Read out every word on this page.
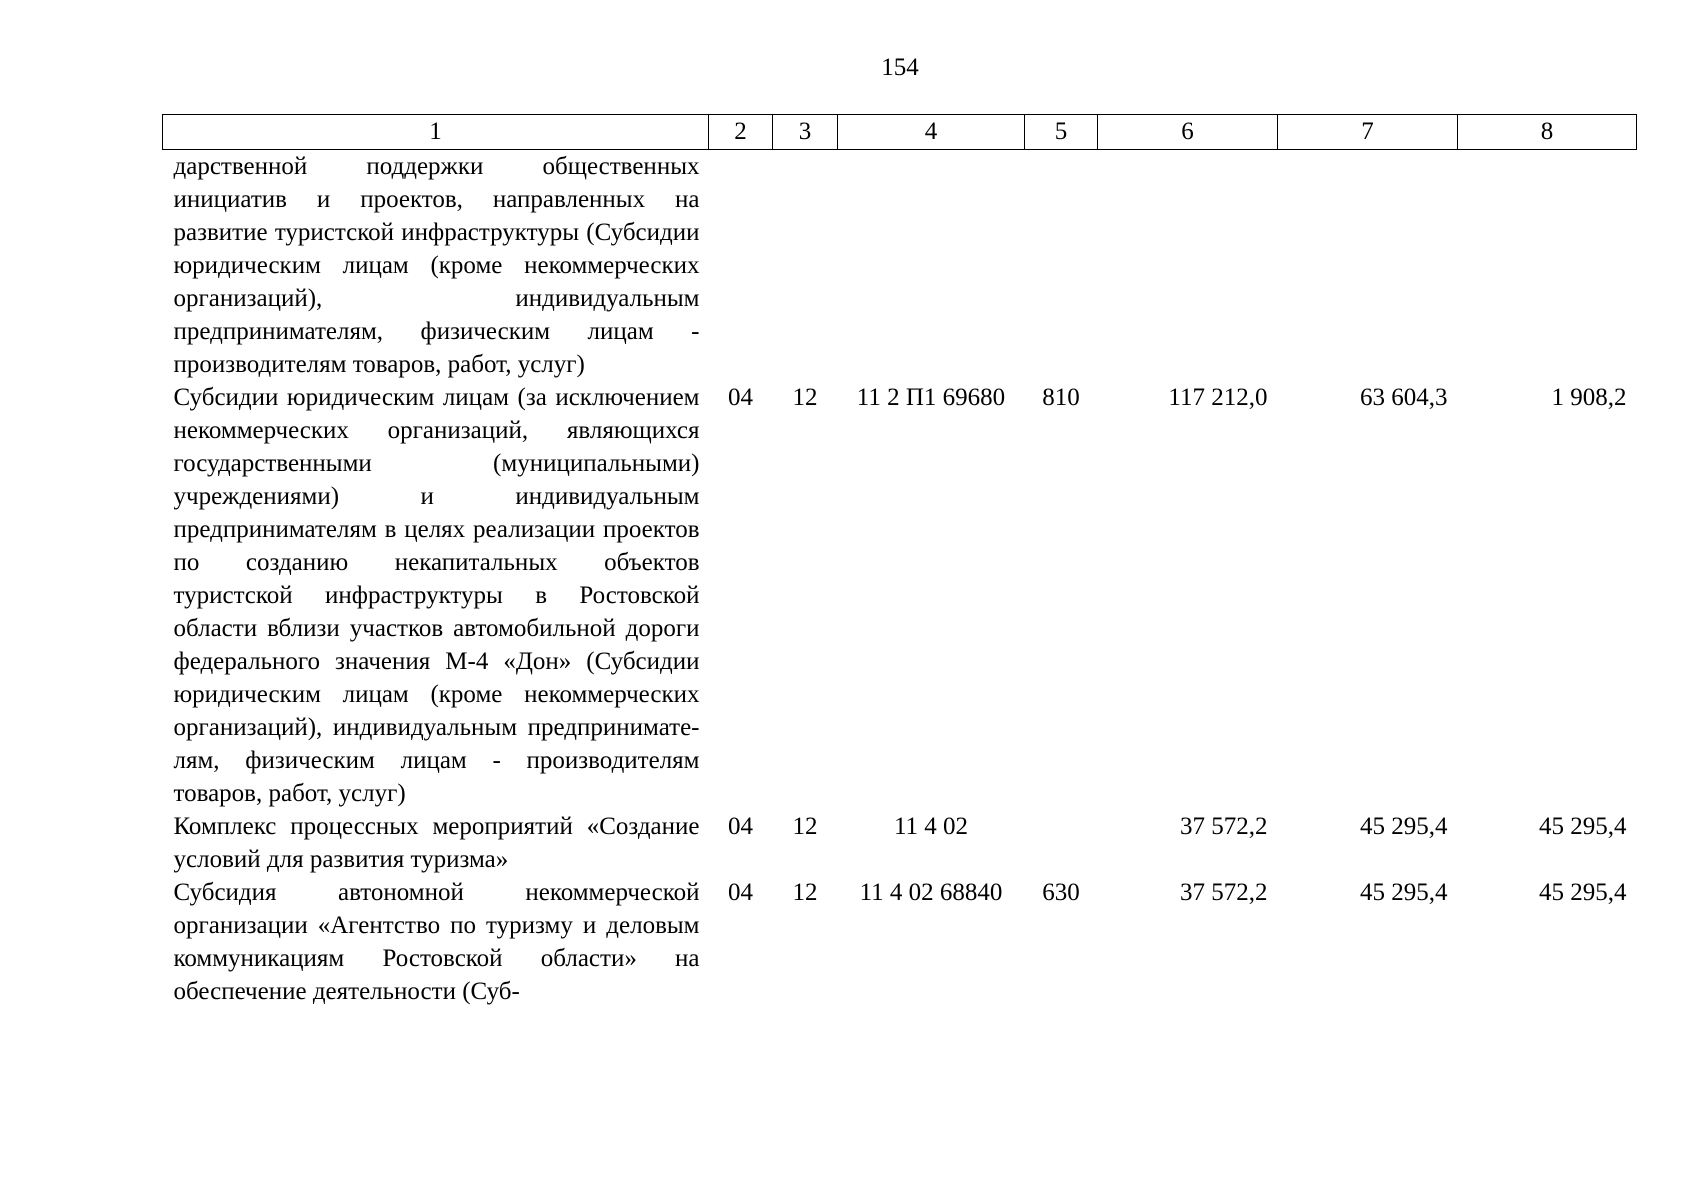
154
1	2	3	4	5	6	7	8
дарственной поддержки общественных инициатив и проектов, направленных на развитие туристской инфраструктуры (Субсидии юридическим лицам (кроме некоммерческих организаций), индивидуальным предпринимателям, физическим лицам - производителям товаров, работ, услуг)							
Субсидии юридическим лицам (за исключением некоммерческих организаций, являющихся государственными (муниципальными) учреждениями) и индивидуальным предпринимателям в целях реализации проектов по созданию некапитальных объектов туристской инфраструктуры в Ростовской области вблизи участков автомобильной дороги федерального значения М-4 «Дон» (Субсидии юридическим лицам (кроме некоммерческих организаций), индивидуальным предпринимателям, физическим лицам - производителям товаров, работ, услуг)	04	12	11 2 П1 69680	810	117 212,0	63 604,3	1 908,2
Комплекс процессных мероприятий «Создание условий для развития туризма»	04	12	11 4 02		37 572,2	45 295,4	45 295,4
Субсидия автономной некоммерческой организации «Агентство по туризму и деловым коммуникациям Ростовской области» на обеспечение деятельности (Суб-	04	12	11 4 02 68840	630	37 572,2	45 295,4	45 295,4
